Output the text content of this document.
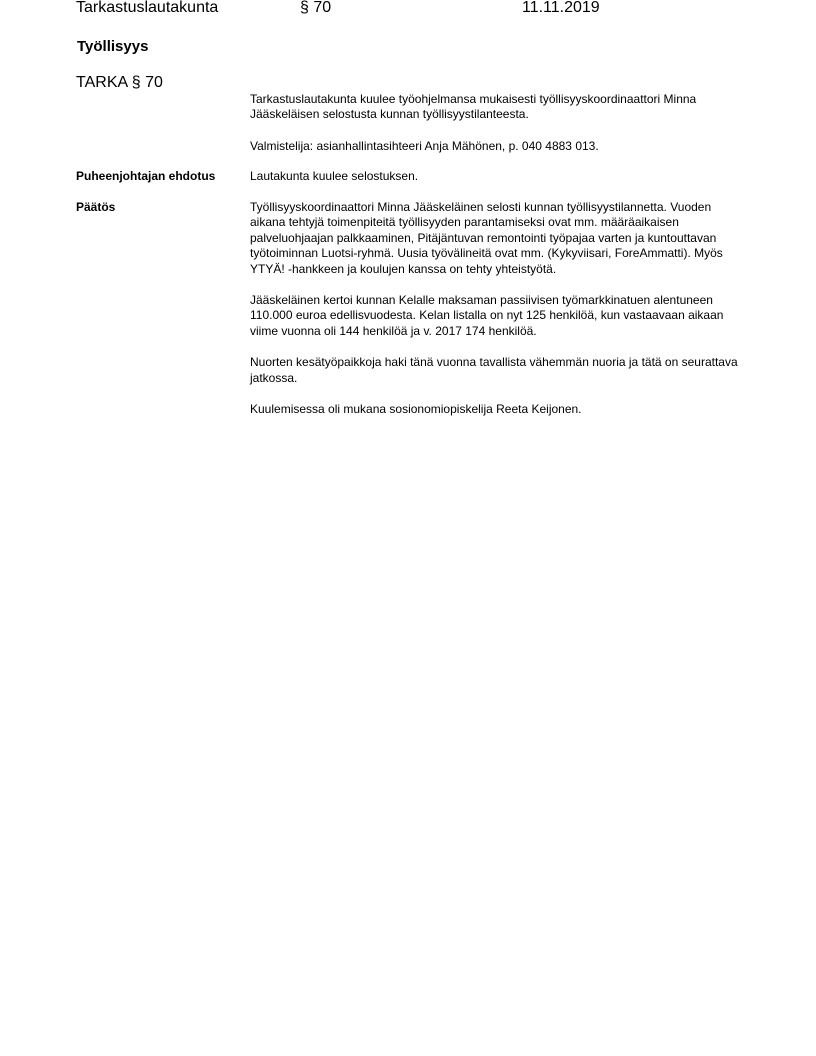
Tarkastuslautakunta	§ 70	11.11.2019
Työllisyys
TARKA § 70

Tarkastuslautakunta kuulee työohjelmansa mukaisesti työllisyyskoordinaattori Minna Jääskeläisen selostusta kunnan työllisyystilanteesta.

Valmistelija: asianhallintasihteeri Anja Mähönen, p. 040 4883 013.

Puheenjohtajan ehdotus	Lautakunta kuulee selostuksen.

Päätös	Työllisyyskoordinaattori Minna Jääskeläinen selosti kunnan työllisyystilannetta. Vuoden aikana tehtyjä toimenpiteitä työllisyyden parantamiseksi ovat mm. määräaikaisen palveluohjaajan palkkaaminen, Pitäjäntuvan remontointi työpajaa varten ja kuntouttavan työtoiminnan Luotsi-ryhmä. Uusia työvälineitä ovat mm. (Kykyviisari, ForeAmmatti). Myös YTYÄ! -hankkeen ja koulujen kanssa on tehty yhteistyötä.

Jääskeläinen kertoi kunnan Kelalle maksaman passiivisen työmarkkinatuen alentuneen 110.000 euroa edellisvuodesta. Kelan listalla on nyt 125 henkilöä, kun vastaavaan aikaan viime vuonna oli 144 henkilöä ja v. 2017 174 henkilöä.

Nuorten kesätyöpaikkoja haki tänä vuonna tavallista vähemmän nuoria ja tätä on seurattava jatkossa.

Kuulemisessa oli mukana sosionomiopiskelija Reeta Keijonen.
